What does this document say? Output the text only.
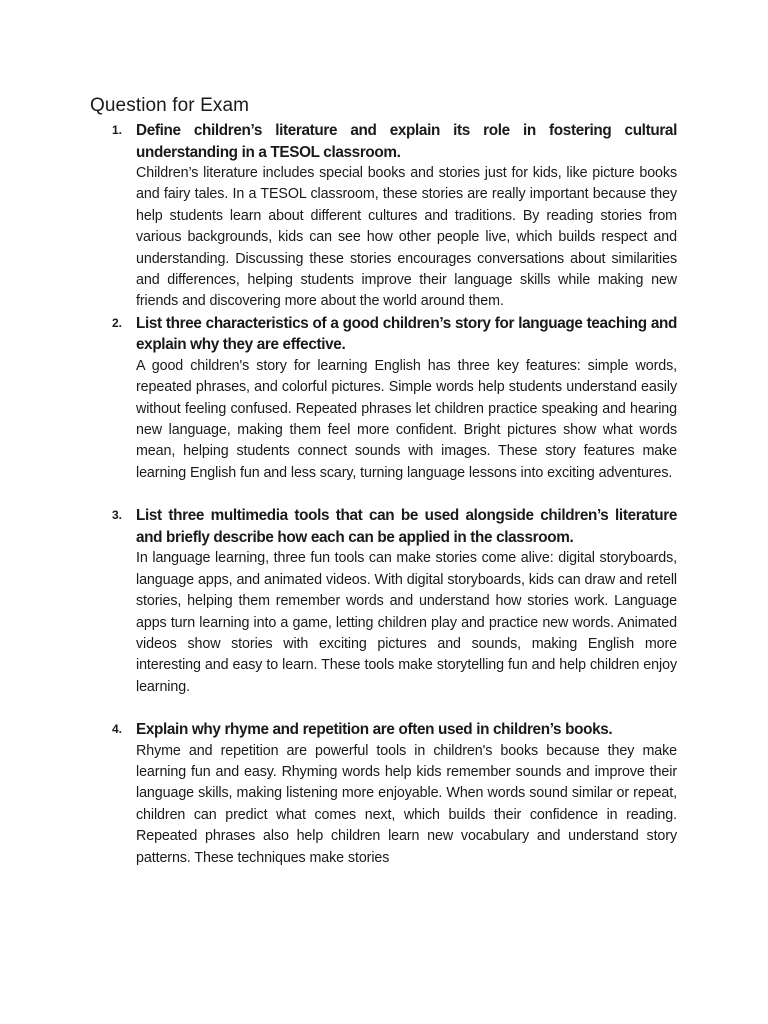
Question for Exam
1. Define children’s literature and explain its role in fostering cultural understanding in a TESOL classroom.

Children’s literature includes special books and stories just for kids, like picture books and fairy tales. In a TESOL classroom, these stories are really important because they help students learn about different cultures and traditions. By reading stories from various backgrounds, kids can see how other people live, which builds respect and understanding. Discussing these stories encourages conversations about similarities and differences, helping students improve their language skills while making new friends and discovering more about the world around them.

2. List three characteristics of a good children’s story for language teaching and explain why they are effective.

A good children's story for learning English has three key features: simple words, repeated phrases, and colorful pictures. Simple words help students understand easily without feeling confused. Repeated phrases let children practice speaking and hearing new language, making them feel more confident. Bright pictures show what words mean, helping students connect sounds with images. These story features make learning English fun and less scary, turning language lessons into exciting adventures.

3. List three multimedia tools that can be used alongside children’s literature and briefly describe how each can be applied in the classroom.

In language learning, three fun tools can make stories come alive: digital storyboards, language apps, and animated videos. With digital storyboards, kids can draw and retell stories, helping them remember words and understand how stories work. Language apps turn learning into a game, letting children play and practice new words. Animated videos show stories with exciting pictures and sounds, making English more interesting and easy to learn. These tools make storytelling fun and help children enjoy learning.

4. Explain why rhyme and repetition are often used in children’s books.

Rhyme and repetition are powerful tools in children's books because they make learning fun and easy. Rhyming words help kids remember sounds and improve their language skills, making listening more enjoyable. When words sound similar or repeat, children can predict what comes next, which builds their confidence in reading. Repeated phrases also help children learn new vocabulary and understand story patterns. These techniques make stories
